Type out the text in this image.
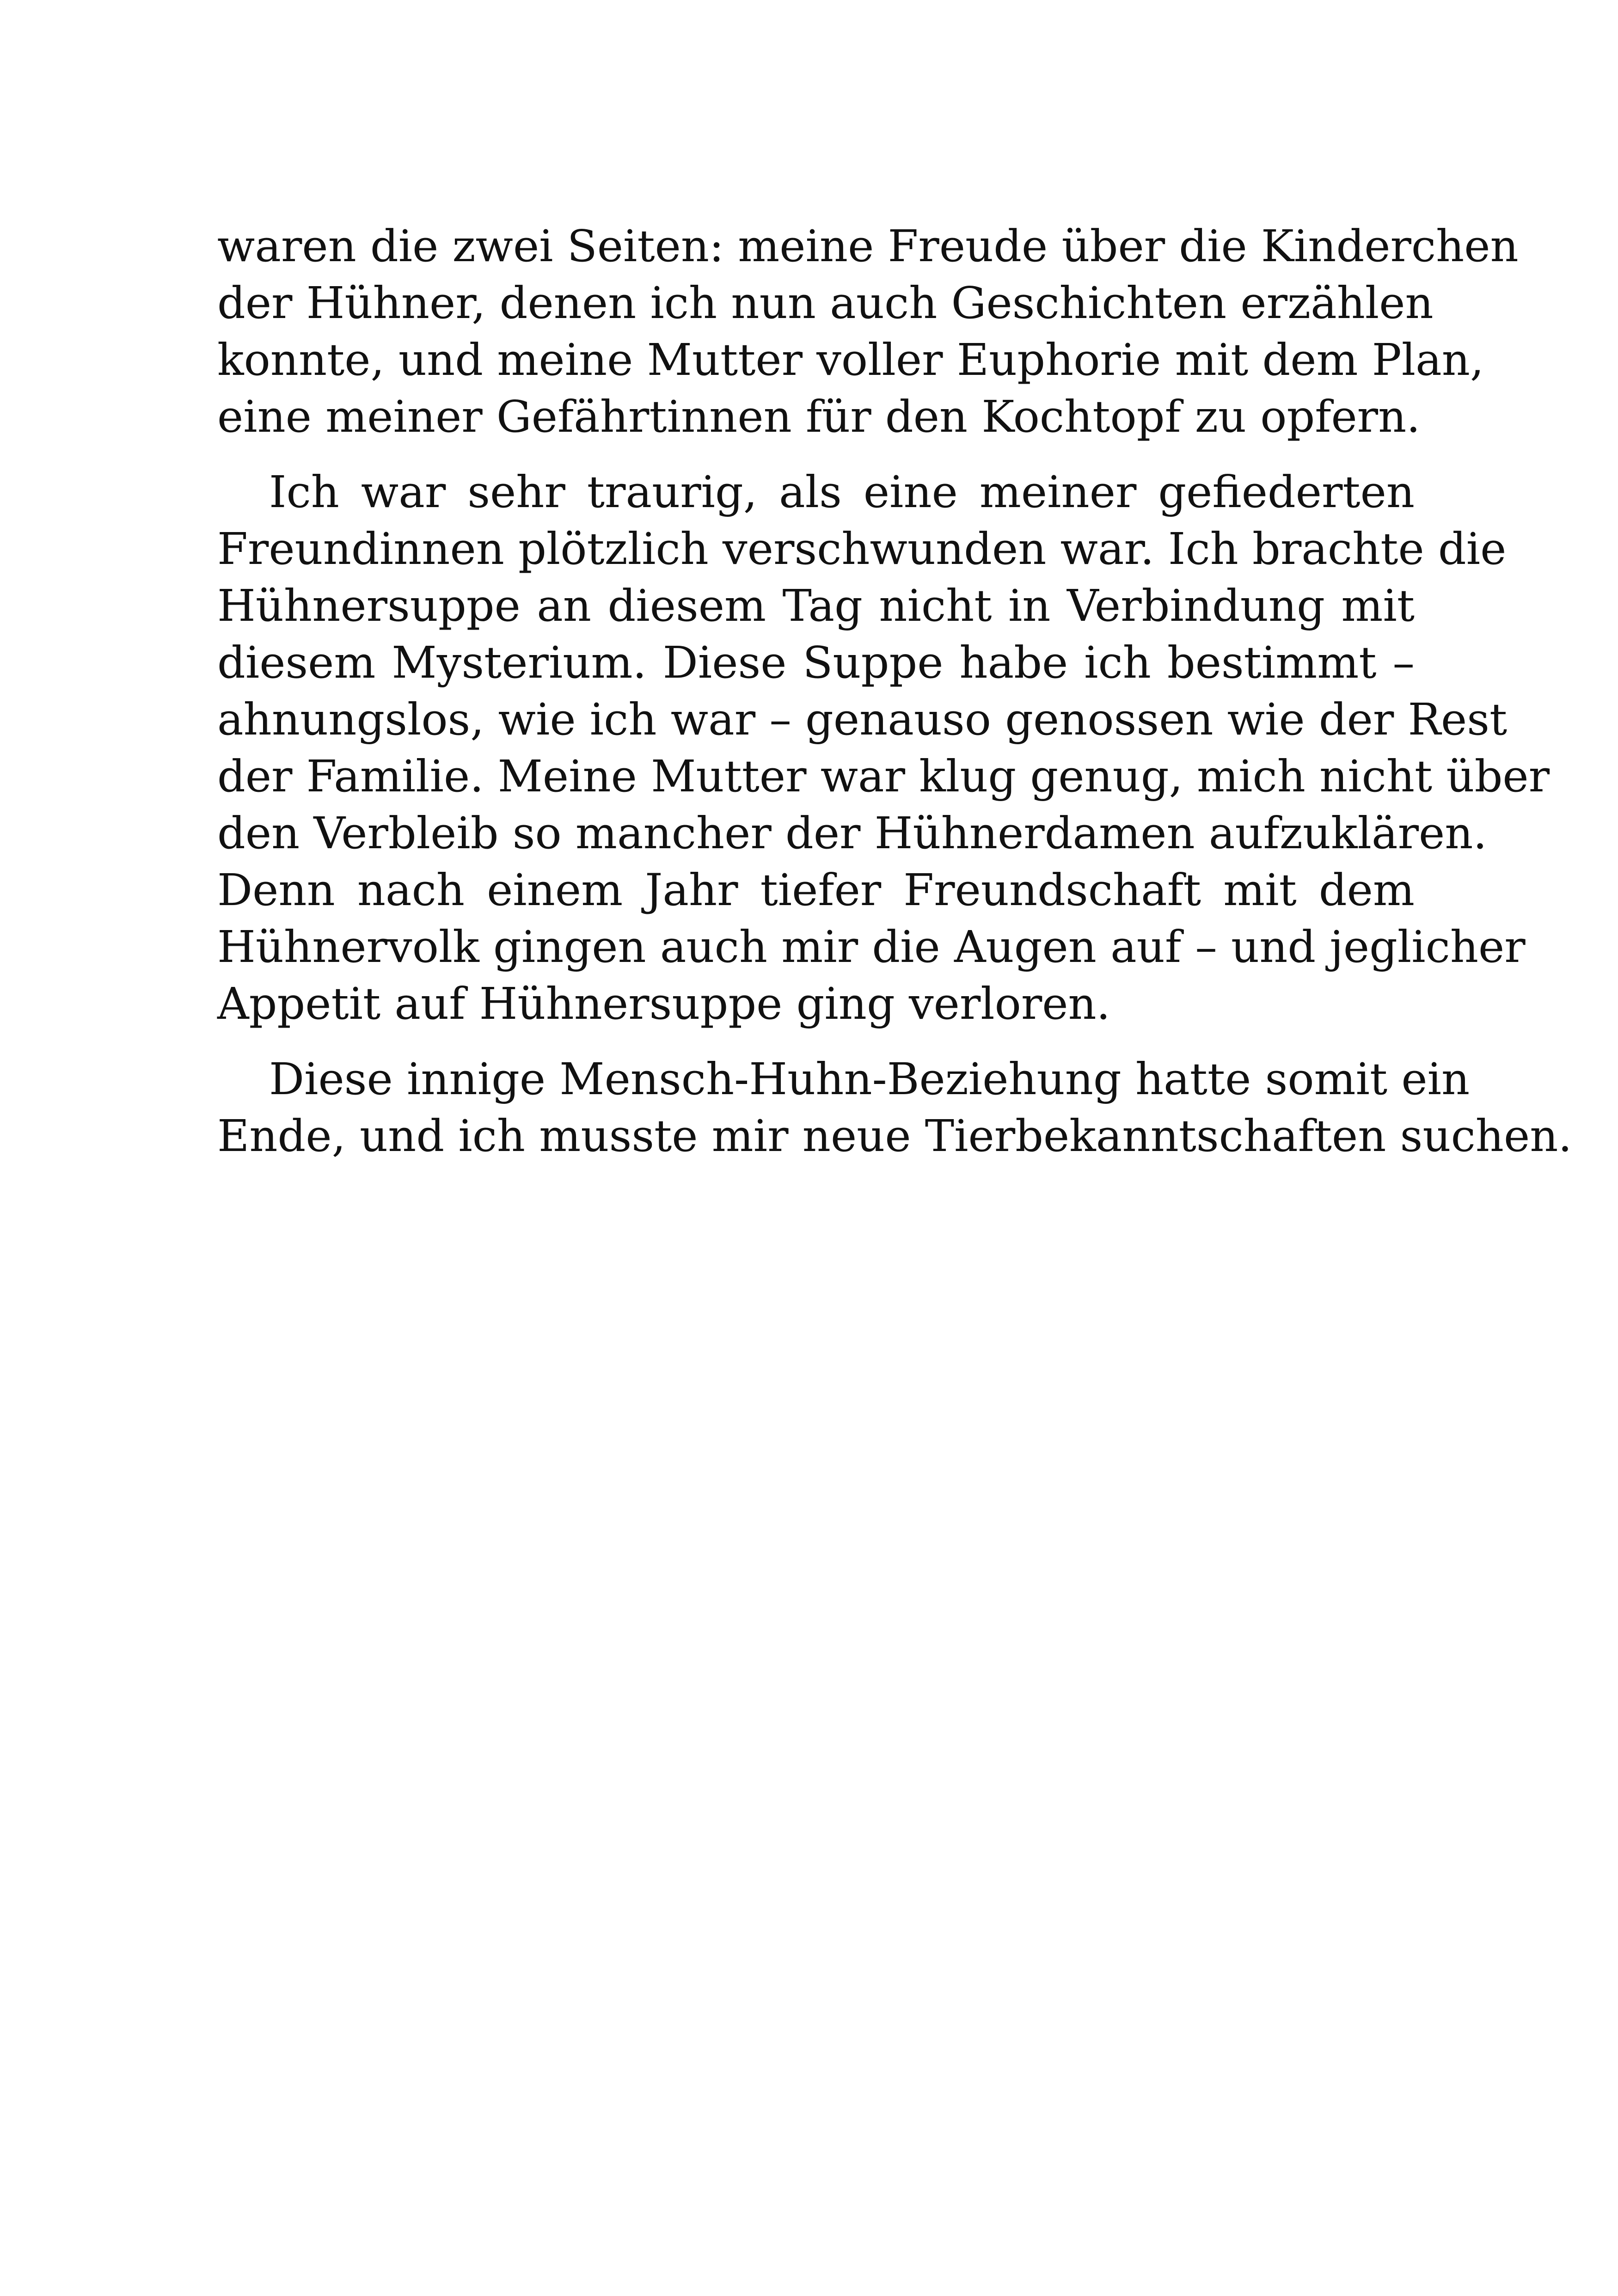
waren die zwei Seiten: meine Freude über die Kinderchen
der Hühner, denen ich nun auch Geschichten erzählen
konnte, und meine Mutter voller Euphorie mit dem Plan,
eine meiner Gefährtinnen für den Kochtopf zu opfern.
Ich war sehr traurig, als eine meiner gefiederten
Freundinnen plötzlich verschwunden war. Ich brachte die
Hühnersuppe an diesem Tag nicht in Verbindung mit
diesem Mysterium. Diese Suppe habe ich bestimmt –
ahnungslos, wie ich war – genauso genossen wie der Rest
der Familie. Meine Mutter war klug genug, mich nicht über
den Verbleib so mancher der Hühnerdamen aufzuklären.
Denn nach einem Jahr tiefer Freundschaft mit dem
Hühnervolk gingen auch mir die Augen auf – und jeglicher
Appetit auf Hühnersuppe ging verloren.
Diese innige Mensch-Huhn-Beziehung hatte somit ein
Ende, und ich musste mir neue Tierbekanntschaften suchen.
